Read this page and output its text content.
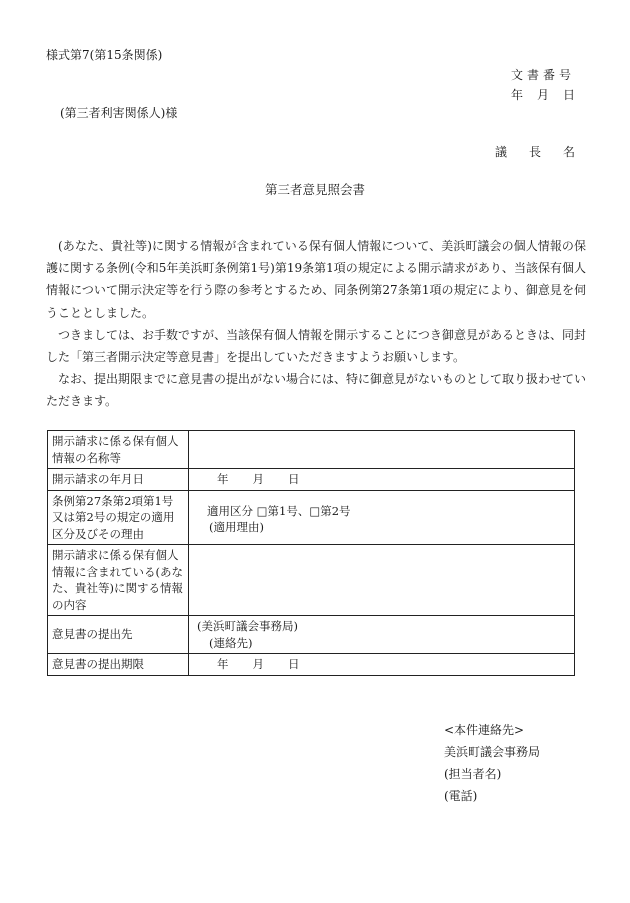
様式第7(第15条関係)
文書番号
年 月 日
(第三者利害関係人)様
議 長 名
第三者意見照会書

(あなた、貴社等)に関する情報が含まれている保有個人情報について、美浜町議会の個人情報の保護に関する条例(令和5年美浜町条例第1号)第19条第1項の規定による開示請求があり、当該保有個人情報について開示決定等を行う際の参考とするため、同条例第27条第1項の規定により、御意見を伺うこととしました。

つきましては、お手数ですが、当該保有個人情報を開示することにつき御意見があるときは、同封した「第三者開示決定等意見書」を提出していただきますようお願いします。

なお、提出期限までに意見書の提出がない場合には、特に御意見がないものとして取り扱わせていただきます。

開示請求に係る保有個人情報の名称等	
開示請求の年月日	年 月 日
条例第27条第2項第1号又は第2号の規定の適用区分及びその理由	適用区分 □第1号、□第2号
(適用理由)

開示請求に係る保有個人情報に含まれている(あなた、貴社等)に関する情報の内容	
意見書の提出先	(美浜町議会事務局)
(連絡先)

意見書の提出期限	年 月 日
<本件連絡先>
美浜町議会事務局
(担当者名)
(電話)
